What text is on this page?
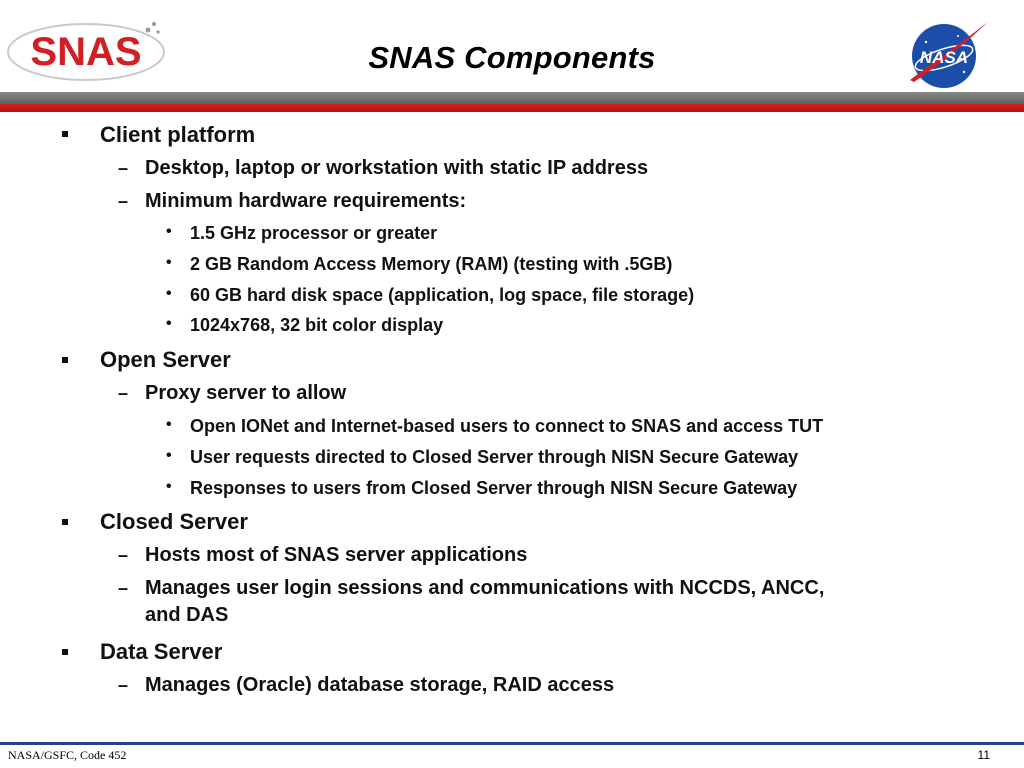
SNAS	SNAS Components	NASA
Client platform
– Desktop, laptop or workstation with static IP address
– Minimum hardware requirements:
• 1.5 GHz processor or greater
• 2 GB Random Access Memory (RAM) (testing with .5GB)
• 60 GB hard disk space (application, log space, file storage)
• 1024x768, 32 bit color display
Open Server
– Proxy server to allow
• Open IONet and Internet-based users to connect to SNAS and access TUT
• User requests directed to Closed Server through NISN Secure Gateway
• Responses to users from Closed Server through NISN Secure Gateway
Closed Server
– Hosts most of SNAS server applications
– Manages user login sessions and communications with NCCDS, ANCC,
and DAS
Data Server
– Manages (Oracle) database storage, RAID access
NASA/GSFC, Code 452	11
